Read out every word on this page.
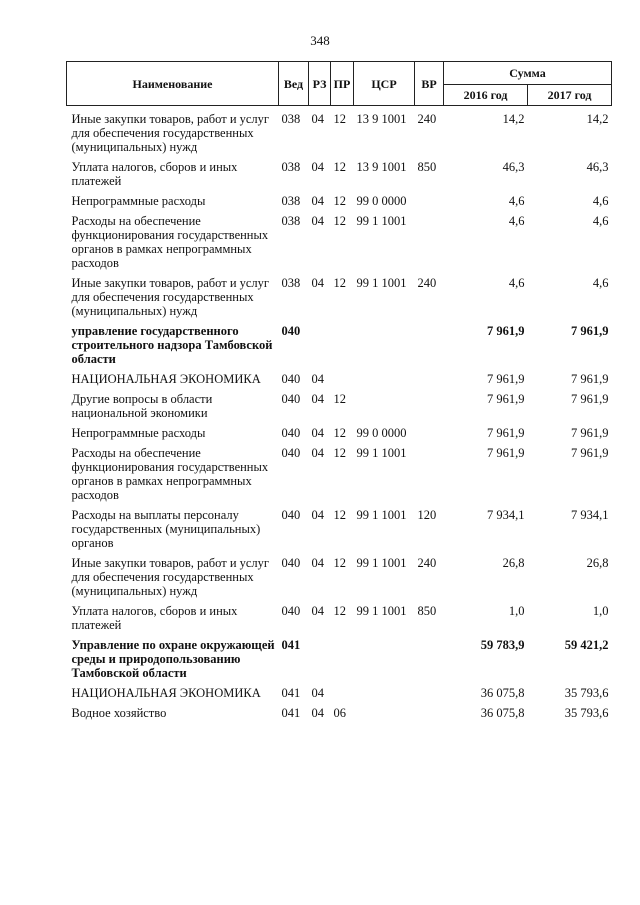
348
Наименование	Вед	РЗ	ПР	ЦСР	ВР	Сумма	
						2016 год	2017 год
Иные закупки товаров, работ и услуг для обеспечения государственных (муниципальных) нужд	038	04	12	13 9 1001	240	14,2	14,2
Уплата налогов, сборов и иных платежей	038	04	12	13 9 1001	850	46,3	46,3
Непрограммные расходы	038	04	12	99 0 0000		4,6	4,6
Расходы на обеспечение функционирования государственных органов в рамках непрограммных расходов	038	04	12	99 1 1001		4,6	4,6
Иные закупки товаров, работ и услуг для обеспечения государственных (муниципальных) нужд	038	04	12	99 1 1001	240	4,6	4,6
управление государственного строительного надзора Тамбовской области	040					7 961,9	7 961,9
НАЦИОНАЛЬНАЯ ЭКОНОМИКА	040	04				7 961,9	7 961,9
Другие вопросы в области национальной экономики	040	04	12			7 961,9	7 961,9
Непрограммные расходы	040	04	12	99 0 0000		7 961,9	7 961,9
Расходы на обеспечение функционирования государственных органов в рамках непрограммных расходов	040	04	12	99 1 1001		7 961,9	7 961,9
Расходы на выплаты персоналу государственных (муниципальных) органов	040	04	12	99 1 1001	120	7 934,1	7 934,1
Иные закупки товаров, работ и услуг для обеспечения государственных (муниципальных) нужд	040	04	12	99 1 1001	240	26,8	26,8
Уплата налогов, сборов и иных платежей	040	04	12	99 1 1001	850	1,0	1,0
Управление по охране окружающей среды и природопользованию Тамбовской области	041					59 783,9	59 421,2
НАЦИОНАЛЬНАЯ ЭКОНОМИКА	041	04				36 075,8	35 793,6
Водное хозяйство	041	04	06			36 075,8	35 793,6
